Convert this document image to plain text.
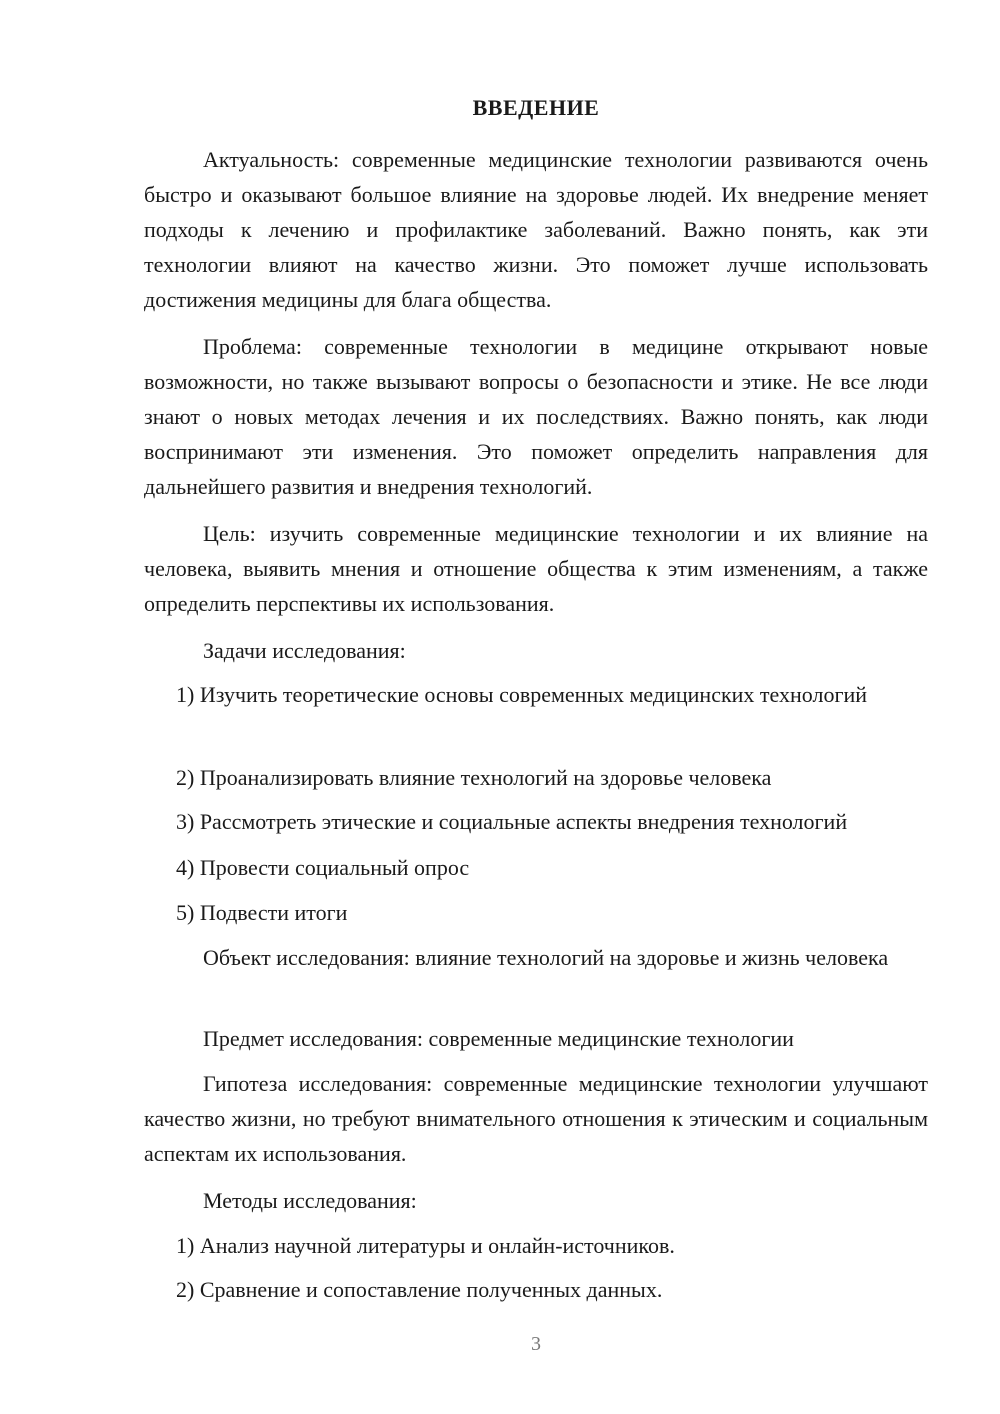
ВВЕДЕНИЕ

Актуальность: современные медицинские технологии развиваются очень быстро и оказывают большое влияние на здоровье людей. Их внедрение меняет подходы к лечению и профилактике заболеваний. Важно понять, как эти технологии влияют на качество жизни. Это поможет лучше использовать достижения медицины для блага общества.

Проблема: современные технологии в медицине открывают новые возможности, но также вызывают вопросы о безопасности и этике. Не все люди знают о новых методах лечения и их последствиях. Важно понять, как люди воспринимают эти изменения. Это поможет определить направления для дальнейшего развития и внедрения технологий.

Цель: изучить современные медицинские технологии и их влияние на человека, выявить мнения и отношение общества к этим изменениям, а также определить перспективы их использования.

Задачи исследования:

1) Изучить теоретические основы современных медицинских технологий

2) Проанализировать влияние технологий на здоровье человека

3) Рассмотреть этические и социальные аспекты внедрения технологий

4) Провести социальный опрос

5) Подвести итоги

Объект исследования: влияние технологий на здоровье и жизнь человека

Предмет исследования: современные медицинские технологии

Гипотеза исследования: современные медицинские технологии улучшают качество жизни, но требуют внимательного отношения к этическим и социальным аспектам их использования.

Методы исследования:

1) Анализ научной литературы и онлайн-источников.

2) Сравнение и сопоставление полученных данных.

3
